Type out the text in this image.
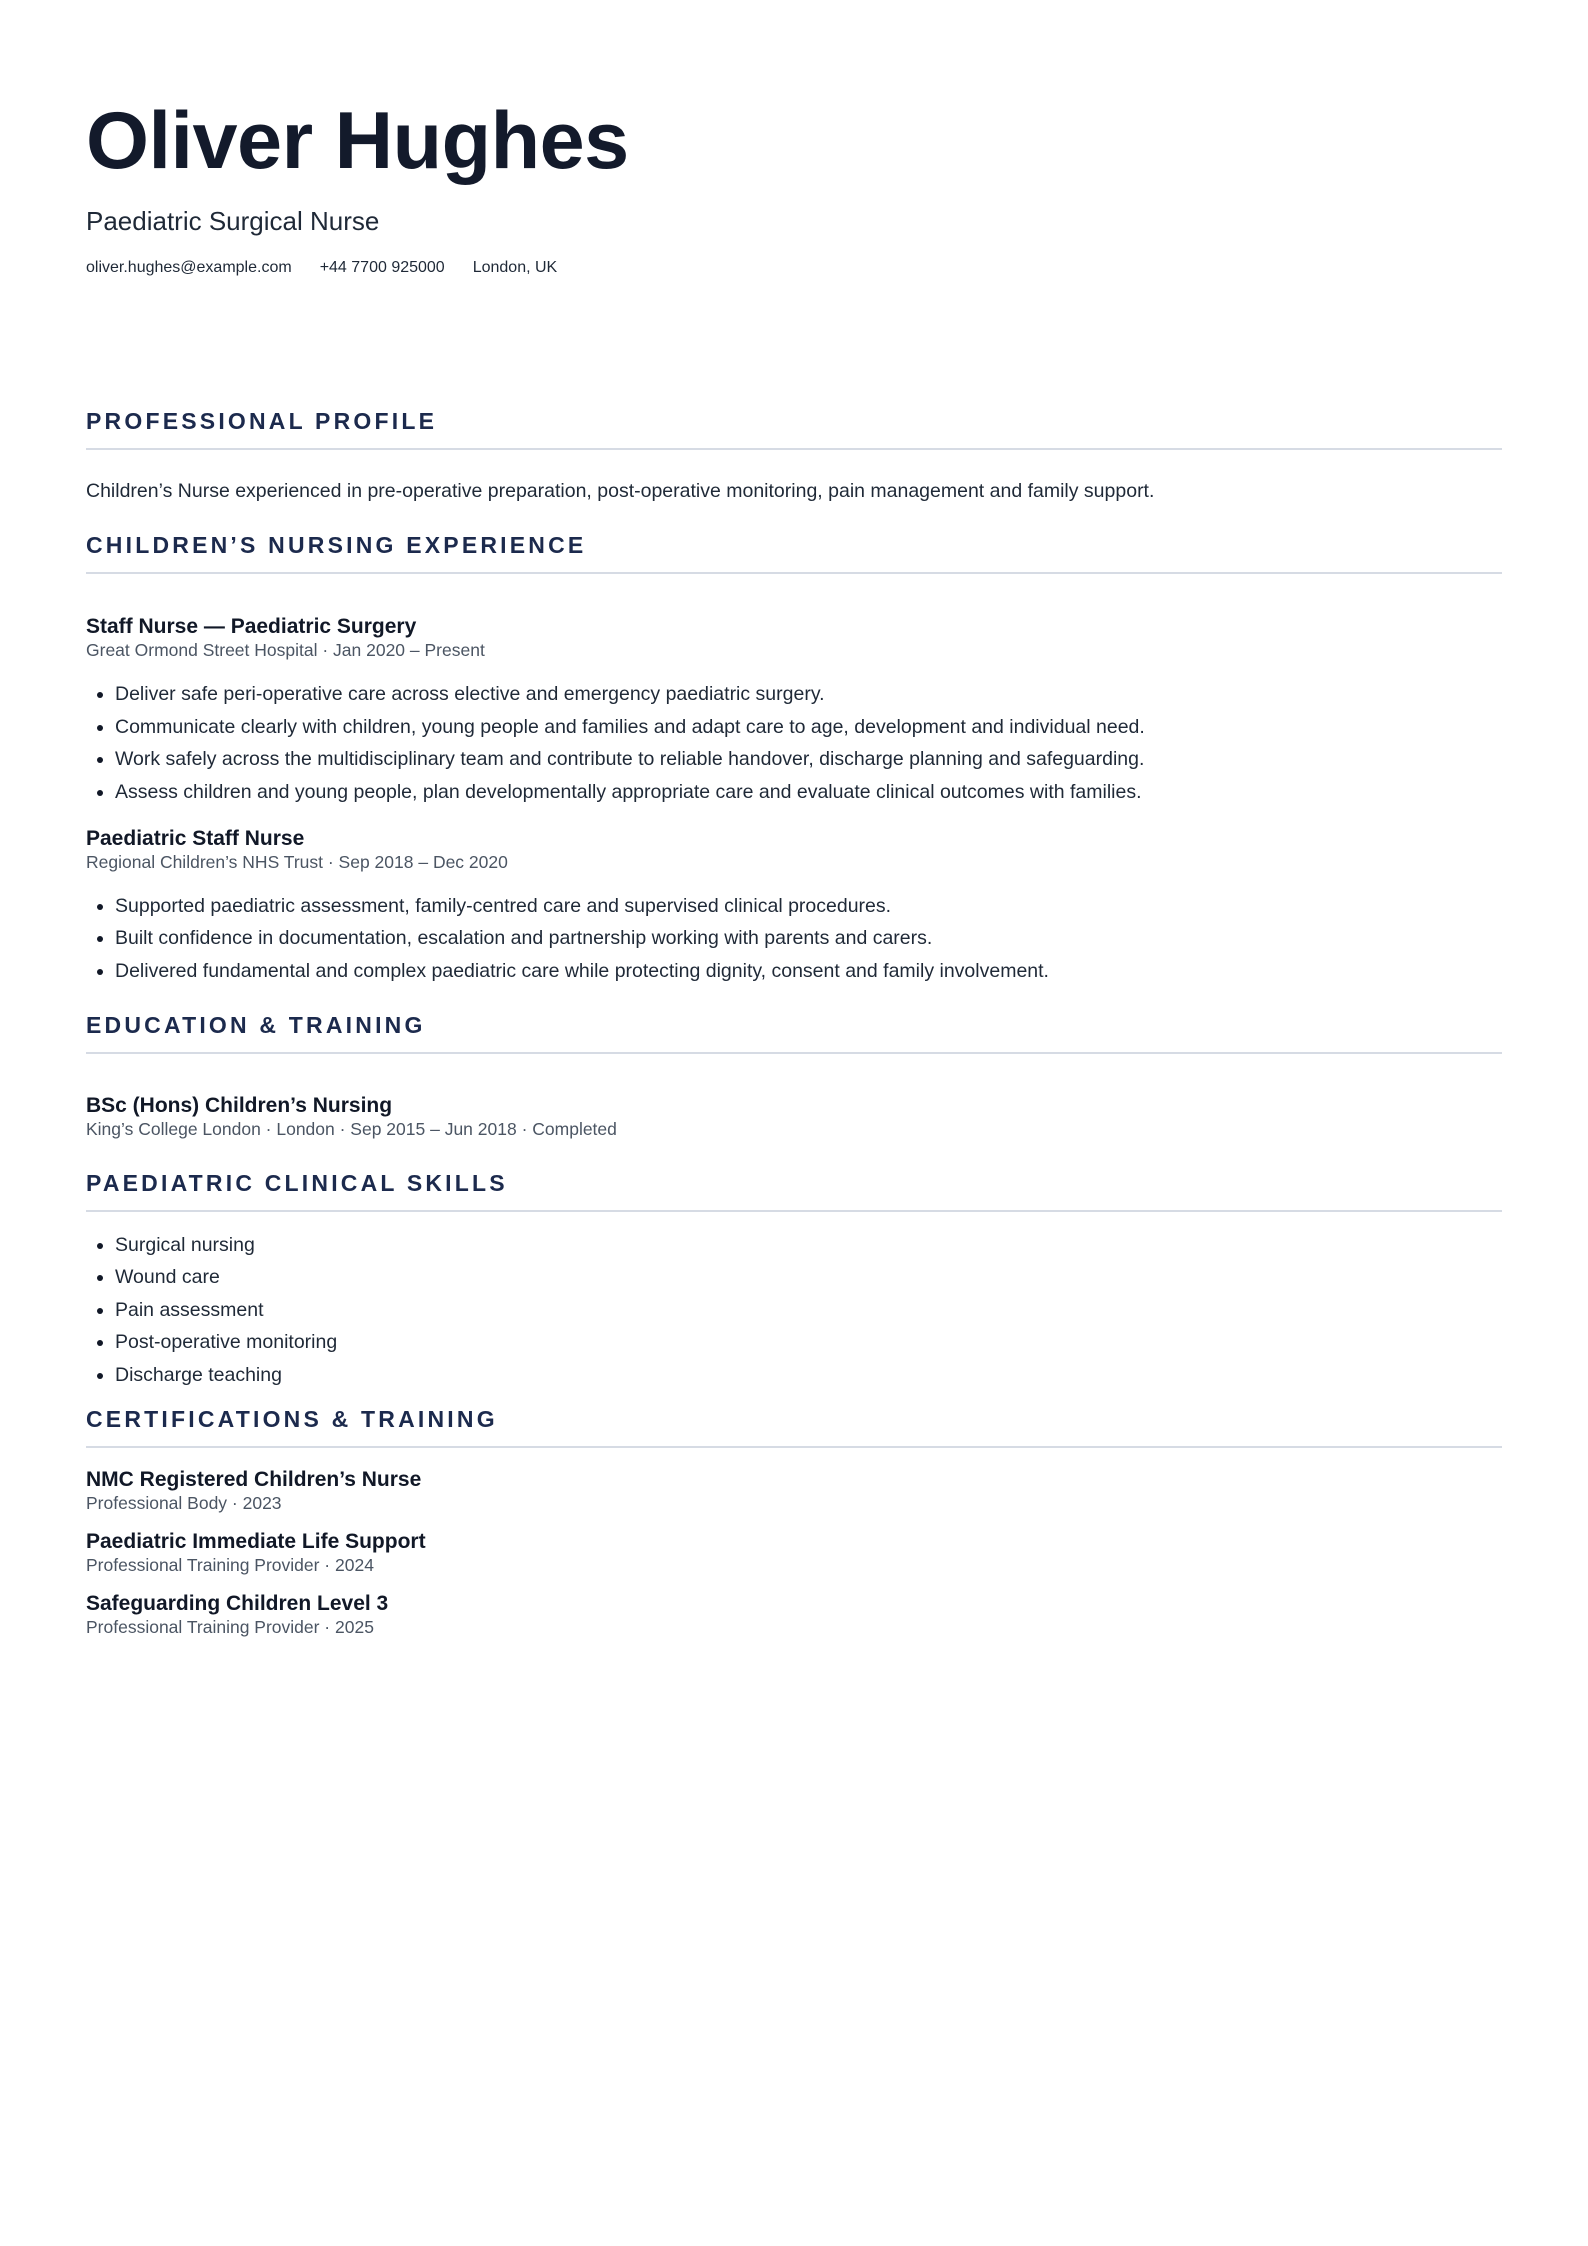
Oliver Hughes
Paediatric Surgical Nurse
oliver.hughes@example.com +44 7700 925000 London, UK
PROFESSIONAL PROFILE

Children’s Nurse experienced in pre-operative preparation, post-operative monitoring, pain management and family support.

CHILDREN’S NURSING EXPERIENCE
Staff Nurse — Paediatric Surgery
Great Ormond Street Hospital · Jan 2020 – Present
• Deliver safe peri-operative care across elective and emergency paediatric surgery.
• Communicate clearly with children, young people and families and adapt care to age, development and individual need.
• Work safely across the multidisciplinary team and contribute to reliable handover, discharge planning and safeguarding.
• Assess children and young people, plan developmentally appropriate care and evaluate clinical outcomes with families.
Paediatric Staff Nurse
Regional Children’s NHS Trust · Sep 2018 – Dec 2020
• Supported paediatric assessment, family-centred care and supervised clinical procedures.
• Built confidence in documentation, escalation and partnership working with parents and carers.
• Delivered fundamental and complex paediatric care while protecting dignity, consent and family involvement.
EDUCATION & TRAINING
BSc (Hons) Children’s Nursing
King’s College London · London · Sep 2015 – Jun 2018 · Completed
PAEDIATRIC CLINICAL SKILLS
• Surgical nursing
• Wound care
• Pain assessment
• Post-operative monitoring
• Discharge teaching
CERTIFICATIONS & TRAINING
NMC Registered Children’s Nurse
Professional Body · 2023
Paediatric Immediate Life Support
Professional Training Provider · 2024
Safeguarding Children Level 3
Professional Training Provider · 2025
